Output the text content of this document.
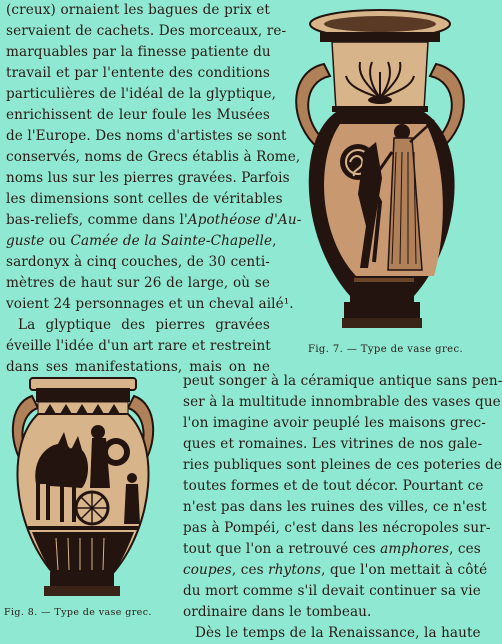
(creux) ornaient les bagues de prix et
servaient de cachets. Des morceaux, re-
marquables par la finesse patiente du
travail et par l'entente des conditions
particulières de l'idéal de la glyptique,
enrichissent de leur foule les Musées
de l'Europe. Des noms d'artistes se sont
conservés, noms de Grecs établis à Rome,
noms lus sur les pierres gravées. Parfois
les dimensions sont celles de véritables
bas-reliefs, comme dans l'Apothéose d'Au-
guste ou Camée de la Sainte-Chapelle,
sardonyx à cinq couches, de 30 centi-
mètres de haut sur 26 de large, où se
voient 24 personnages et un cheval ailé¹.
La glyptique des pierres gravées
éveille l'idée d'un art rare et restreint
dans ses manifestations, mais on ne
peut songer à la céramique antique sans pen-
ser à la multitude innombrable des vases que
l'on imagine avoir peuplé les maisons grec-
ques et romaines. Les vitrines de nos gale-
ries publiques sont pleines de ces poteries de
toutes formes et de tout décor. Pourtant ce
n'est pas dans les ruines des villes, ce n'est
pas à Pompéi, c'est dans les nécropoles sur-
tout que l'on a retrouvé ces amphores, ces
coupes, ces rhytons, que l'on mettait à côté
du mort comme s'il devait continuer sa vie
ordinaire dans le tombeau.
Dès le temps de la Renaissance, la haute
Fig. 7. — Type de vase grec.
Fig. 8. — Type de vase grec.
